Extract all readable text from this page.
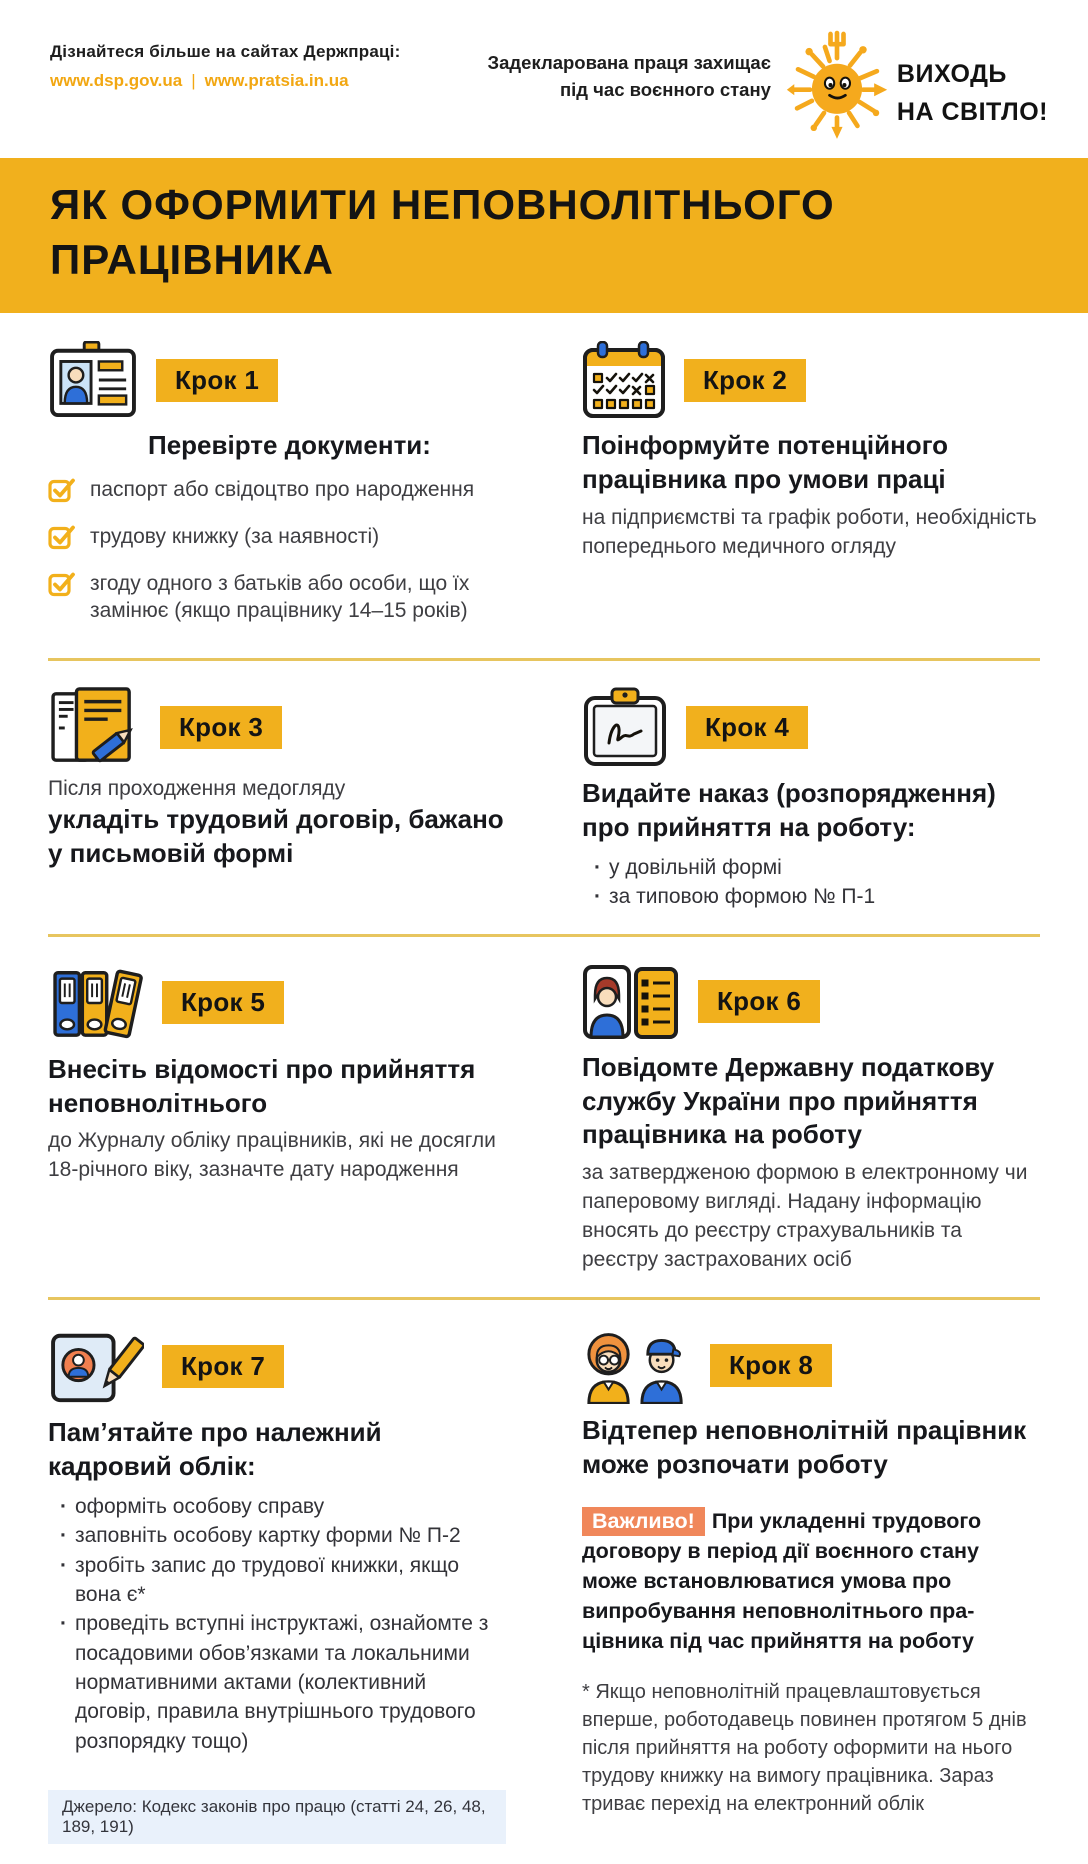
Дізнайтеся більше на сайтах Держпраці:
www.dsp.gov.ua | www.pratsia.in.ua
Задекларована праця захищає
під час воєнного стану
ВИХОДЬ
НА СВІТЛО!
ЯК ОФОРМИТИ НЕПОВНОЛІТНЬОГО ПРАЦІВНИКА
Крок 1
Перевірте документи:
паспорт або свідоцтво про народження
трудову книжку (за наявності)
згоду одного з батьків або особи, що їх замінює (якщо працівнику 14–15 років)
Крок 2
Поінформуйте потенційного працівника про умови праці

на підприємстві та графік роботи, необхідність попереднього медичного огляду

Крок 3

Після проходження медогляду

укладіть трудовий договір, бажано у письмовій формі
Крок 4
Видайте наказ (розпорядження) про прийняття на роботу:
· у довільній формі
· за типовою формою № П-1
Крок 5
Внесіть відомості про прийняття неповнолітнього

до Журналу обліку працівників, які не досягли 18-річного віку, зазначте дату народження

Крок 6
Повідомте Державну податкову службу України про прийняття працівника на роботу

за затвердженою формою в електронному чи паперовому вигляді. Надану інформацію вносять до реєстру страхувальників та реєстру застрахованих осіб

Крок 7
Пам’ятайте про належний кадровий облік:
· оформіть особову справу
· заповніть особову картку форми № П-2
· зробіть запис до трудової книжки, якщо вона є*
· проведіть вступні інструктажі, ознайомте з посадовими обов’язками та локальними нормативними актами (колективний договір, правила внутрішнього трудового розпорядку тощо)
Джерело: Кодекс законів про працю (статті 24, 26, 48, 189, 191)
Крок 8
Відтепер неповнолітній працівник може розпочати роботу

Важливо! При укладенні трудового договору в період дії воєнного стану може встановлюватися умова про випробування неповнолітнього пра-цівника під час прийняття на роботу

* Якщо неповнолітній працевлаштовується вперше, роботодавець повинен протягом 5 днів після прийняття на роботу оформити на нього трудову книжку на вимогу працівника. Зараз триває перехід на електронний облік
